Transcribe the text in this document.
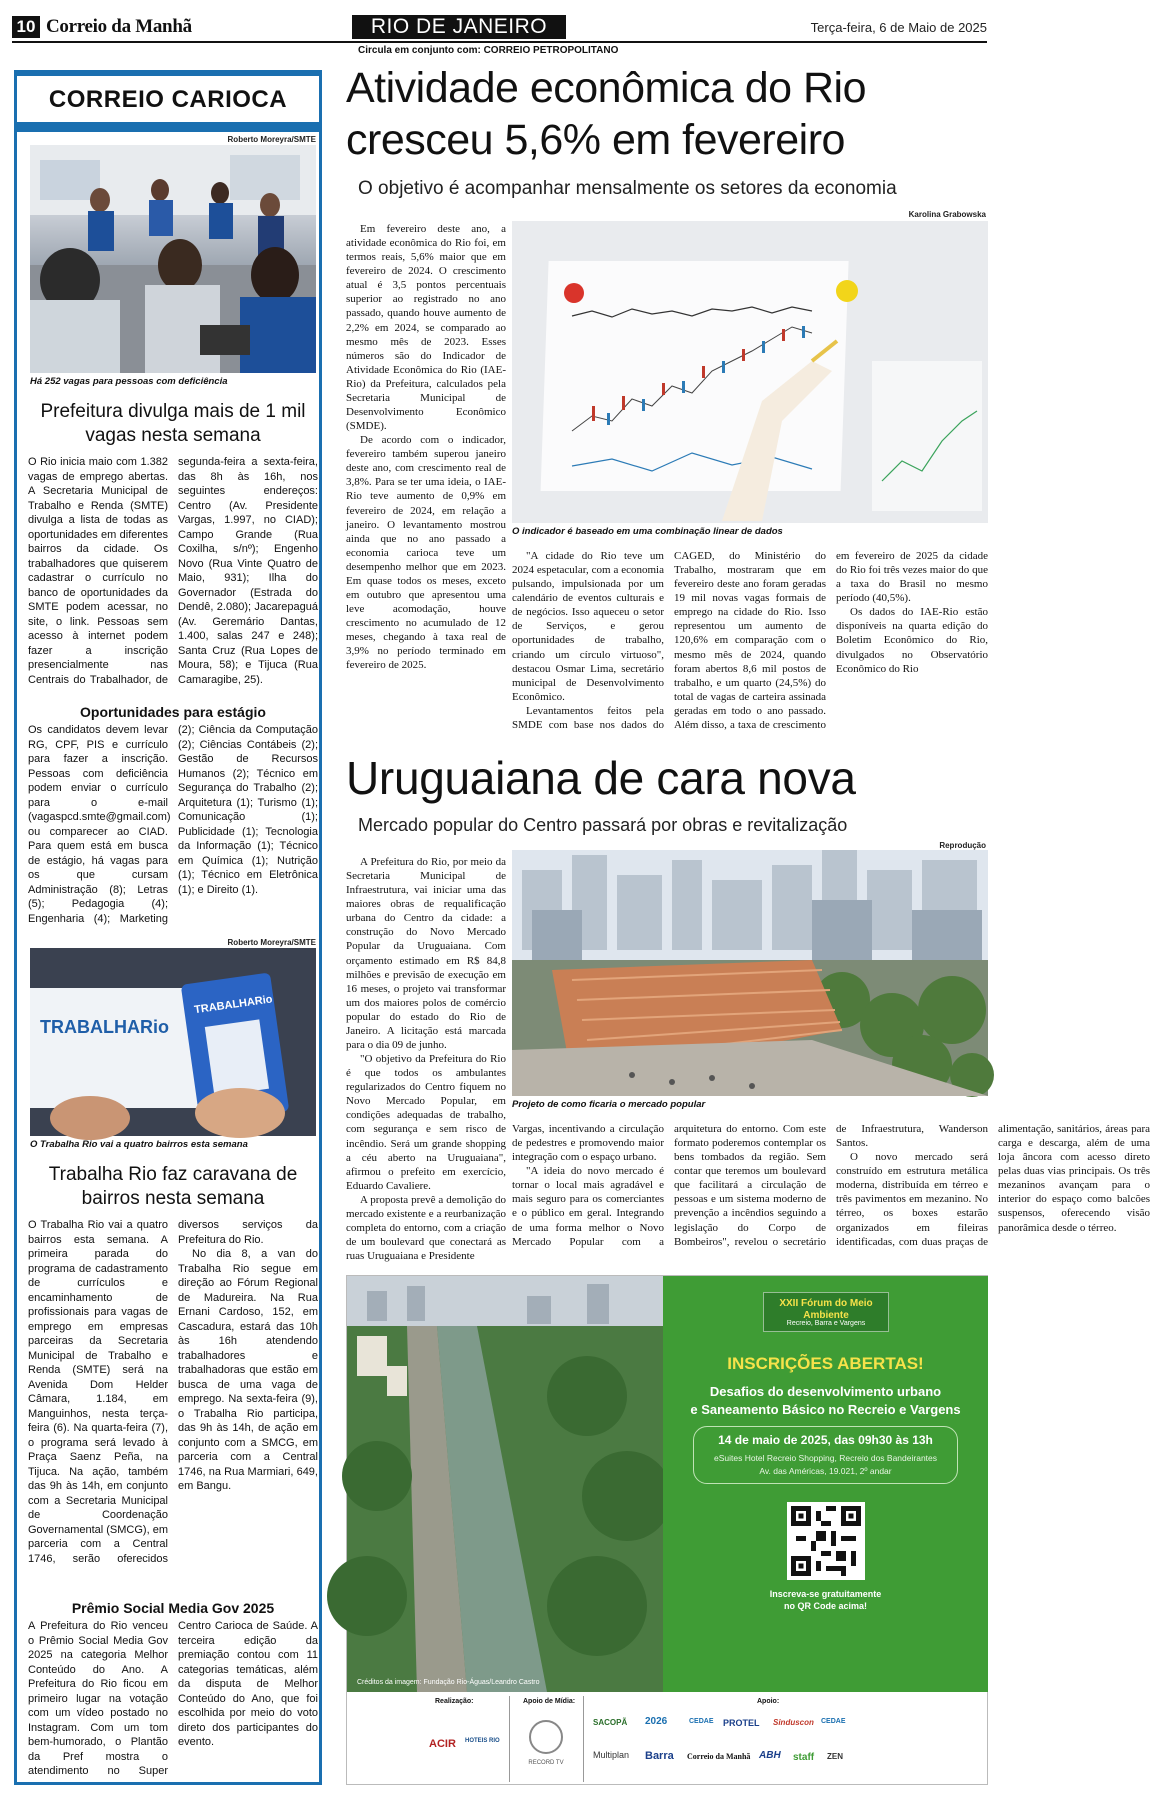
10 Correio da Manhã	RIO DE JANEIRO	Terça-feira, 6 de Maio de 2025
Circula em conjunto com: CORREIO PETROPOLITANO
CORREIO CARIOCA
Roberto Moreyra/SMTE
Há 252 vagas para pessoas com deficiência
Prefeitura divulga mais de 1 mil vagas nesta semana

O Rio inicia maio com 1.382 vagas de emprego abertas. A Secretaria Municipal de Trabalho e Renda (SMTE) divulga a lista de todas as oportunidades em diferentes bairros da cidade. Os trabalhadores que quiserem cadastrar o currículo no banco de oportunidades da SMTE podem acessar, no site, o link. Pessoas sem acesso à internet podem fazer a inscrição presencialmente nas Centrais do Trabalhador, de segunda-feira a sexta-feira, das 8h às 16h, nos seguintes endereços: Centro (Av. Presidente Vargas, 1.997, no CIAD); Campo Grande (Rua Coxilha, s/nº); Engenho Novo (Rua Vinte Quatro de Maio, 931); Ilha do Governador (Estrada do Dendê, 2.080); Jacarepaguá (Av. Geremário Dantas, 1.400, salas 247 e 248); Santa Cruz (Rua Lopes de Moura, 58); e Tijuca (Rua Camaragibe, 25).

Oportunidades para estágio

Os candidatos devem levar RG, CPF, PIS e currículo para fazer a inscrição. Pessoas com deficiência podem enviar o currículo para o e-mail (vagaspcd.smte@gmail.com) ou comparecer ao CIAD. Para quem está em busca de estágio, há vagas para os que cursam Administração (8); Letras (5); Pedagogia (4); Engenharia (4); Marketing (2); Ciência da Computação (2); Ciências Contábeis (2); Gestão de Recursos Humanos (2); Técnico em Segurança do Trabalho (2); Arquitetura (1); Turismo (1); Comunicação (1); Publicidade (1); Tecnologia da Informação (1); Técnico em Química (1); Nutrição (1); Técnico em Eletrônica (1); e Direito (1).

Roberto Moreyra/SMTE
TRABALHARio
TRABALHARio
O Trabalha Rio vai a quatro bairros esta semana
Trabalha Rio faz caravana de bairros nesta semana

O Trabalha Rio vai a quatro bairros esta semana. A primeira parada do programa de cadastramento de currículos e encaminhamento de profissionais para vagas de emprego em empresas parceiras da Secretaria Municipal de Trabalho e Renda (SMTE) será na Avenida Dom Helder Câmara, 1.184, em Manguinhos, nesta terça-feira (6). Na quarta-feira (7), o programa será levado à Praça Saenz Peña, na Tijuca. Na ação, também das 9h às 14h, em conjunto com a Secretaria Municipal de Coordenação Governamental (SMCG), em parceria com a Central 1746, serão oferecidos diversos serviços da Prefeitura do Rio.

No dia 8, a van do Trabalha Rio segue em direção ao Fórum Regional de Madureira. Na Rua Ernani Cardoso, 152, em Cascadura, estará das 10h às 16h atendendo trabalhadores e trabalhadoras que estão em busca de uma vaga de emprego. Na sexta-feira (9), o Trabalha Rio participa, das 9h às 14h, de ação em conjunto com a SMCG, em parceria com a Central 1746, na Rua Marmiari, 649, em Bangu.

Prêmio Social Media Gov 2025

A Prefeitura do Rio venceu o Prêmio Social Media Gov 2025 na categoria Melhor Conteúdo do Ano. A Prefeitura do Rio ficou em primeiro lugar na votação com um vídeo postado no Instagram. Com um tom bem-humorado, o Plantão da Pref mostra o atendimento no Super Centro Carioca de Saúde. A terceira edição da premiação contou com 11 categorias temáticas, além da disputa de Melhor Conteúdo do Ano, que foi escolhida por meio do voto direto dos participantes do evento.

Atividade econômica do Rio cresceu 5,6% em fevereiro
O objetivo é acompanhar mensalmente os setores da economia
Karolina Grabowska

Em fevereiro deste ano, a atividade econômica do Rio foi, em termos reais, 5,6% maior que em fevereiro de 2024. O crescimento atual é 3,5 pontos percentuais superior ao registrado no ano passado, quando houve aumento de 2,2% em 2024, se comparado ao mesmo mês de 2023. Esses números são do Indicador de Atividade Econômica do Rio (IAE-Rio) da Prefeitura, calculados pela Secretaria Municipal de Desenvolvimento Econômico (SMDE).

De acordo com o indicador, fevereiro também superou janeiro deste ano, com crescimento real de 3,8%. Para se ter uma ideia, o IAE-Rio teve aumento de 0,9% em fevereiro de 2024, em relação a janeiro. O levantamento mostrou ainda que no ano passado a economia carioca teve um desempenho melhor que em 2023. Em quase todos os meses, exceto em outubro que apresentou uma leve acomodação, houve crescimento no acumulado de 12 meses, chegando à taxa real de 3,9% no período terminado em fevereiro de 2025.

O indicador é baseado em uma combinação linear de dados

"A cidade do Rio teve um 2024 espetacular, com a economia pulsando, impulsionada por um calendário de eventos culturais e de negócios. Isso aqueceu o setor de Serviços, e gerou oportunidades de trabalho, criando um círculo virtuoso", destacou Osmar Lima, secretário municipal de Desenvolvimento Econômico.

Levantamentos feitos pela SMDE com base nos dados do CAGED, do Ministério do Trabalho, mostraram que em fevereiro deste ano foram geradas 19 mil novas vagas formais de emprego na cidade do Rio. Isso representou um aumento de 120,6% em comparação com o mesmo mês de 2024, quando foram abertos 8,6 mil postos de trabalho, e um quarto (24,5%) do total de vagas de carteira assinada geradas em todo o ano passado. Além disso, a taxa de crescimento em fevereiro de 2025 da cidade do Rio foi três vezes maior do que a taxa do Brasil no mesmo período (40,5%).

Os dados do IAE-Rio estão disponíveis na quarta edição do Boletim Econômico do Rio, divulgados no Observatório Econômico do Rio

Uruguaiana de cara nova
Mercado popular do Centro passará por obras e revitalização
Reprodução

A Prefeitura do Rio, por meio da Secretaria Municipal de Infraestrutura, vai iniciar uma das maiores obras de requalificação urbana do Centro da cidade: a construção do Novo Mercado Popular da Uruguaiana. Com orçamento estimado em R$ 84,8 milhões e previsão de execução em 16 meses, o projeto vai transformar um dos maiores polos de comércio popular do estado do Rio de Janeiro. A licitação está marcada para o dia 09 de junho.

"O objetivo da Prefeitura do Rio é que todos os ambulantes regularizados do Centro fiquem no Novo Mercado Popular, em condições adequadas de trabalho, com segurança e sem risco de incêndio. Será um grande shopping a céu aberto na Uruguaiana", afirmou o prefeito em exercício, Eduardo Cavaliere.

A proposta prevê a demolição do mercado existente e a reurbanização completa do entorno, com a criação de um boulevard que conectará as ruas Uruguaiana e Presidente

Projeto de como ficaria o mercado popular

Vargas, incentivando a circulação de pedestres e promovendo maior integração com o espaço urbano.

"A ideia do novo mercado é tornar o local mais agradável e mais seguro para os comerciantes e o público em geral. Integrando de uma forma melhor o Novo Mercado Popular com a arquitetura do entorno. Com este formato poderemos contemplar os bens tombados da região. Sem contar que teremos um boulevard que facilitará a circulação de pessoas e um sistema moderno de prevenção a incêndios seguindo a legislação do Corpo de Bombeiros", revelou o secretário de Infraestrutura, Wanderson Santos.

O novo mercado será construído em estrutura metálica moderna, distribuída em térreo e três pavimentos em mezanino. No térreo, os boxes estarão organizados em fileiras identificadas, com duas praças de alimentação, sanitários, áreas para carga e descarga, além de uma loja âncora com acesso direto pelas duas vias principais. Os três mezaninos avançam para o interior do espaço como balcões suspensos, oferecendo visão panorâmica desde o térreo.

Créditos da imagem: Fundação Rio-Águas/Leandro Castro
XXII Fórum do Meio Ambiente
Recreio, Barra e Vargens
INSCRIÇÕES ABERTAS!
Desafios do desenvolvimento urbano
e Saneamento Básico no Recreio e Vargens
14 de maio de 2025, das 09h30 às 13h
eSuites Hotel Recreio Shopping, Recreio dos Bandeirantes
Av. das Américas, 19.021, 2º andar
Inscreva-se gratuitamente
no QR Code acima!
Realização:	Apoio de Mídia:	Apoio:
ACIR HOTEIS RIO
RECORD TV
SACOPÃ 2026	CEDAE PROTEL Sinduscon CEDAE
Multiplan Barra Correio da Manhã ABH staff ZEN
